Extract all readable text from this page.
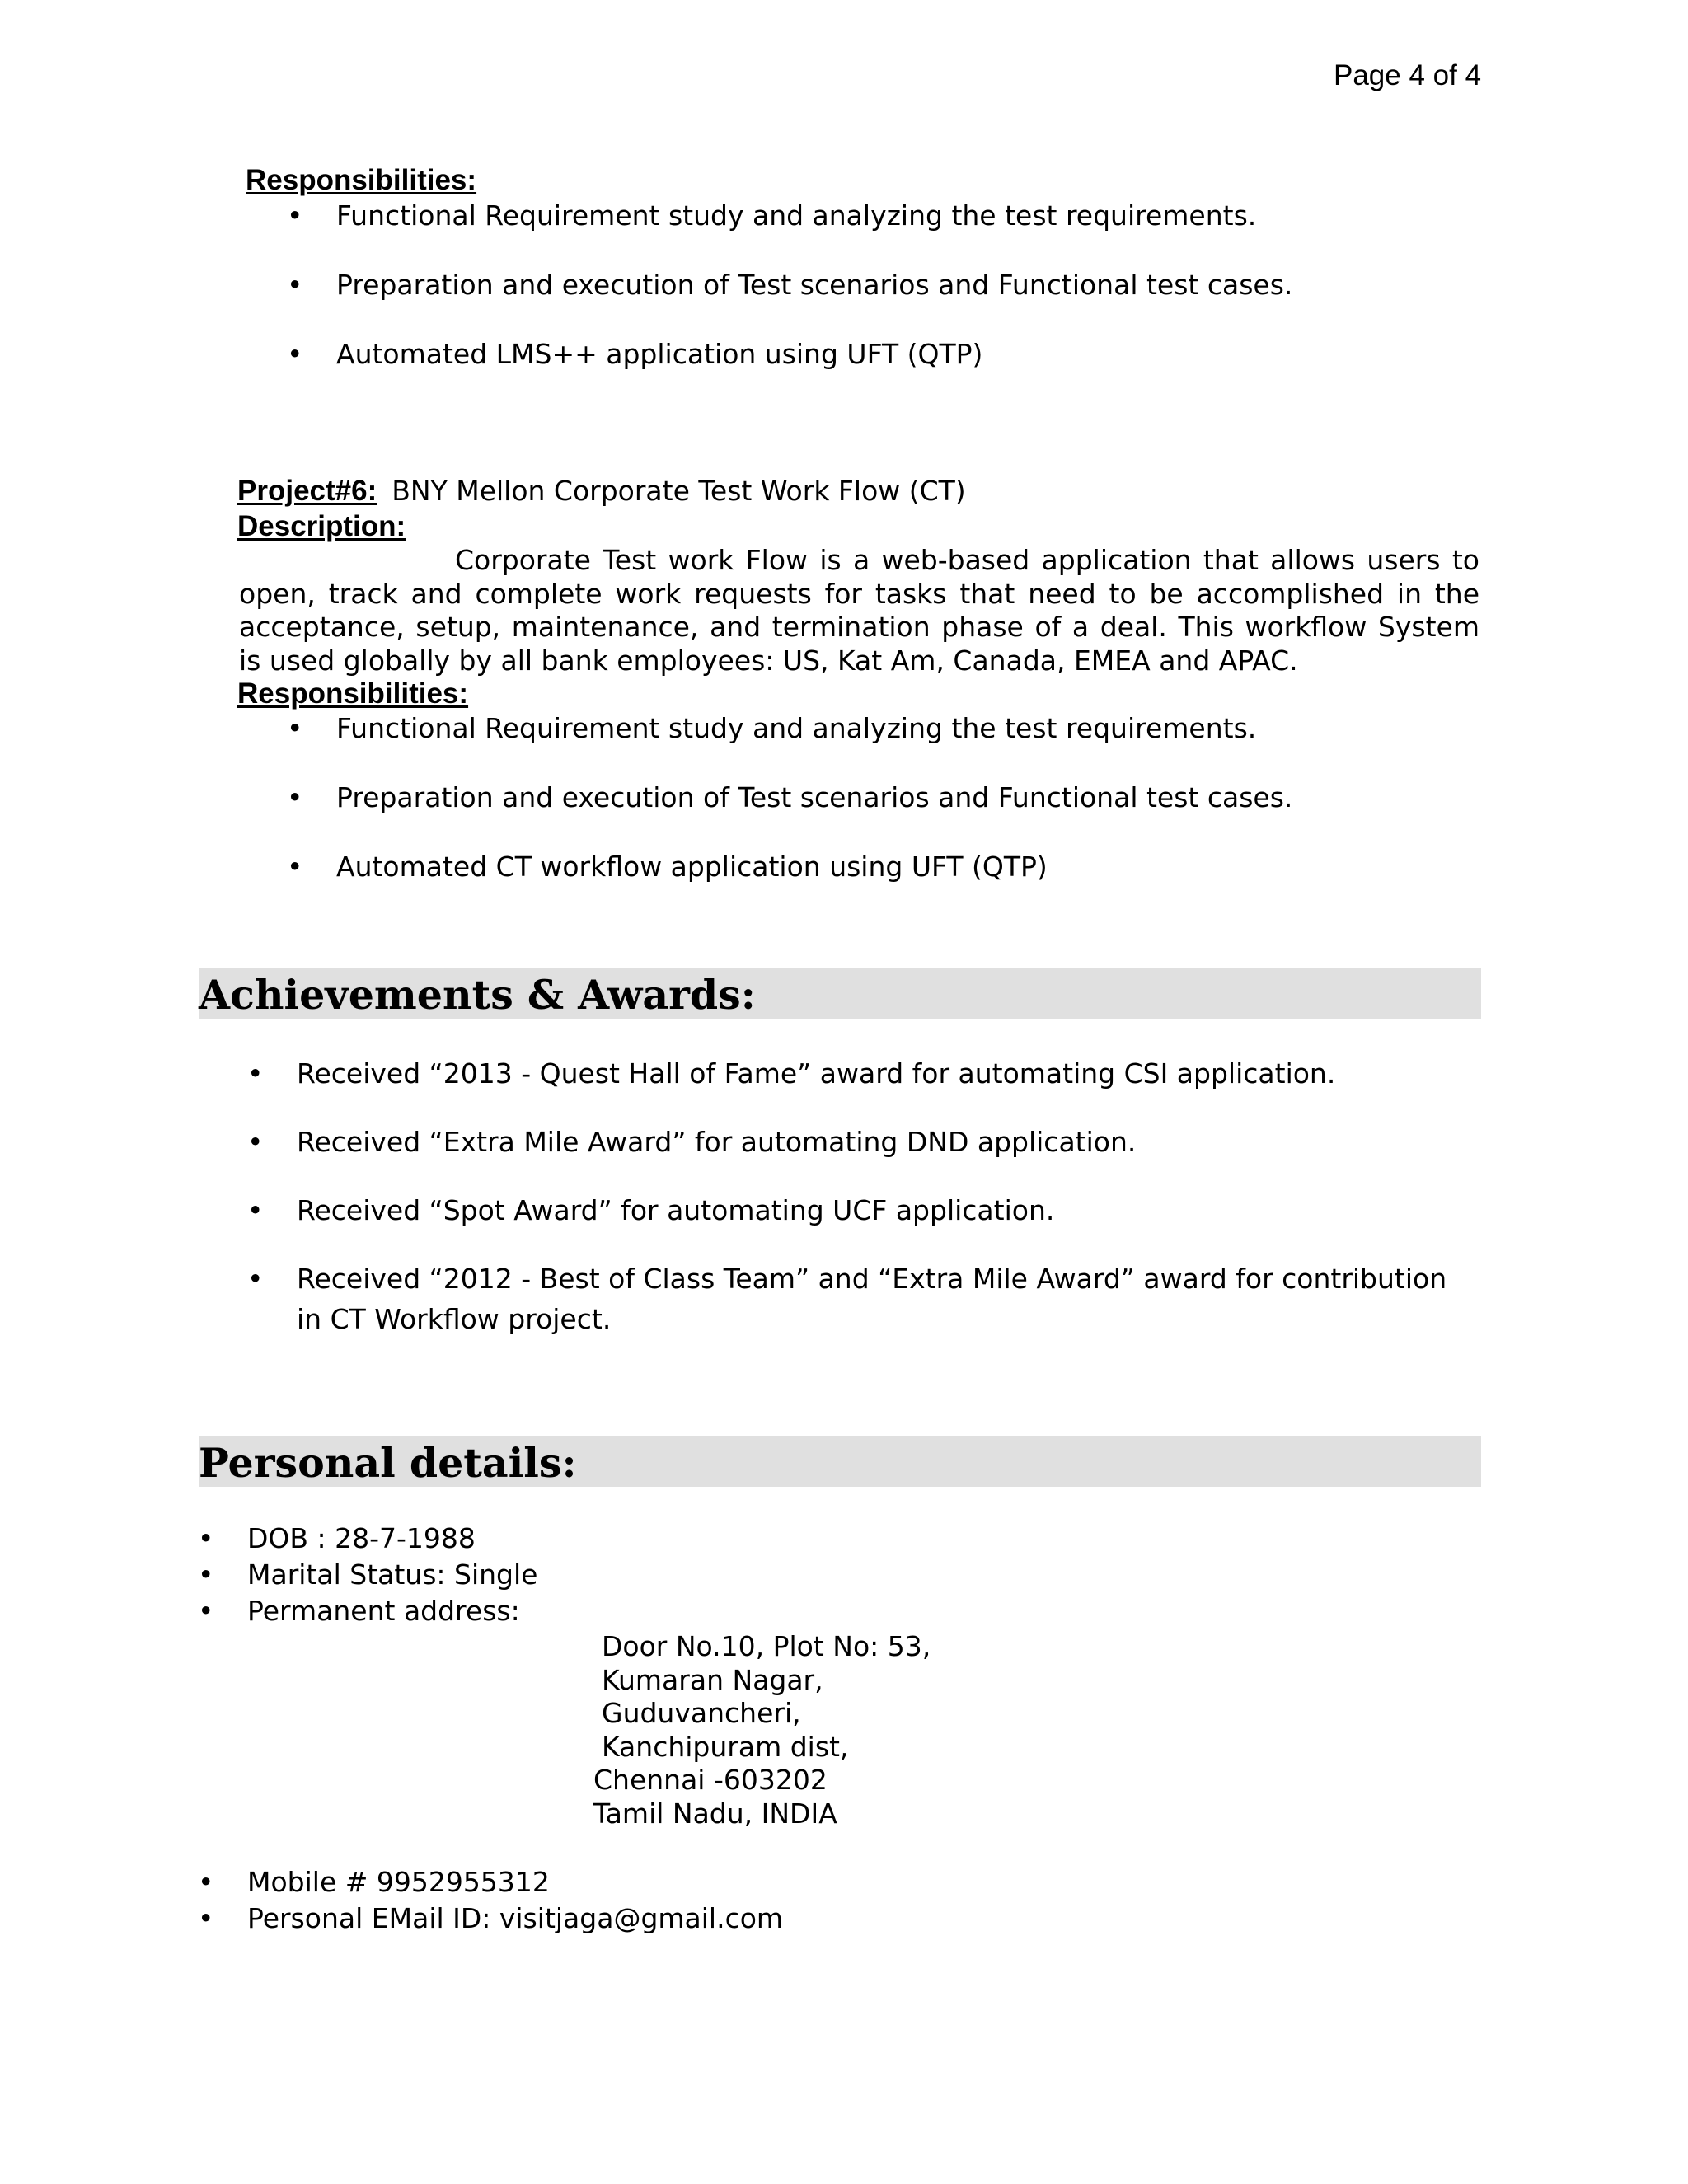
Page 4 of 4
Responsibilities:
• Functional Requirement study and analyzing the test requirements.
• Preparation and execution of Test scenarios and Functional test cases.
• Automated LMS++ application using UFT (QTP)
Project#6: BNY Mellon Corporate Test Work Flow (CT)
Description:
Corporate Test work Flow is a web-based application that allows users to open, track and complete work requests for tasks that need to be accomplished in the acceptance, setup, maintenance, and termination phase of a deal. This workflow System is used globally by all bank employees: US, Kat Am, Canada, EMEA and APAC.
Responsibilities:
• Functional Requirement study and analyzing the test requirements.
• Preparation and execution of Test scenarios and Functional test cases.
• Automated CT workflow application using UFT (QTP)
Achievements & Awards:
• Received “2013 - Quest Hall of Fame” award for automating CSI application.
• Received “Extra Mile Award” for automating DND application.
• Received “Spot Award” for automating UCF application.
• Received “2012 - Best of Class Team” and “Extra Mile Award” award for contribution in CT Workflow project.
Personal details:
• DOB : 28-7-1988
• Marital Status: Single
• Permanent address:
Door No.10, Plot No: 53,
Kumaran Nagar,
Guduvancheri,
Kanchipuram dist,
Chennai -603202
Tamil Nadu, INDIA
• Mobile # 9952955312
• Personal EMail ID: visitjaga@gmail.com
